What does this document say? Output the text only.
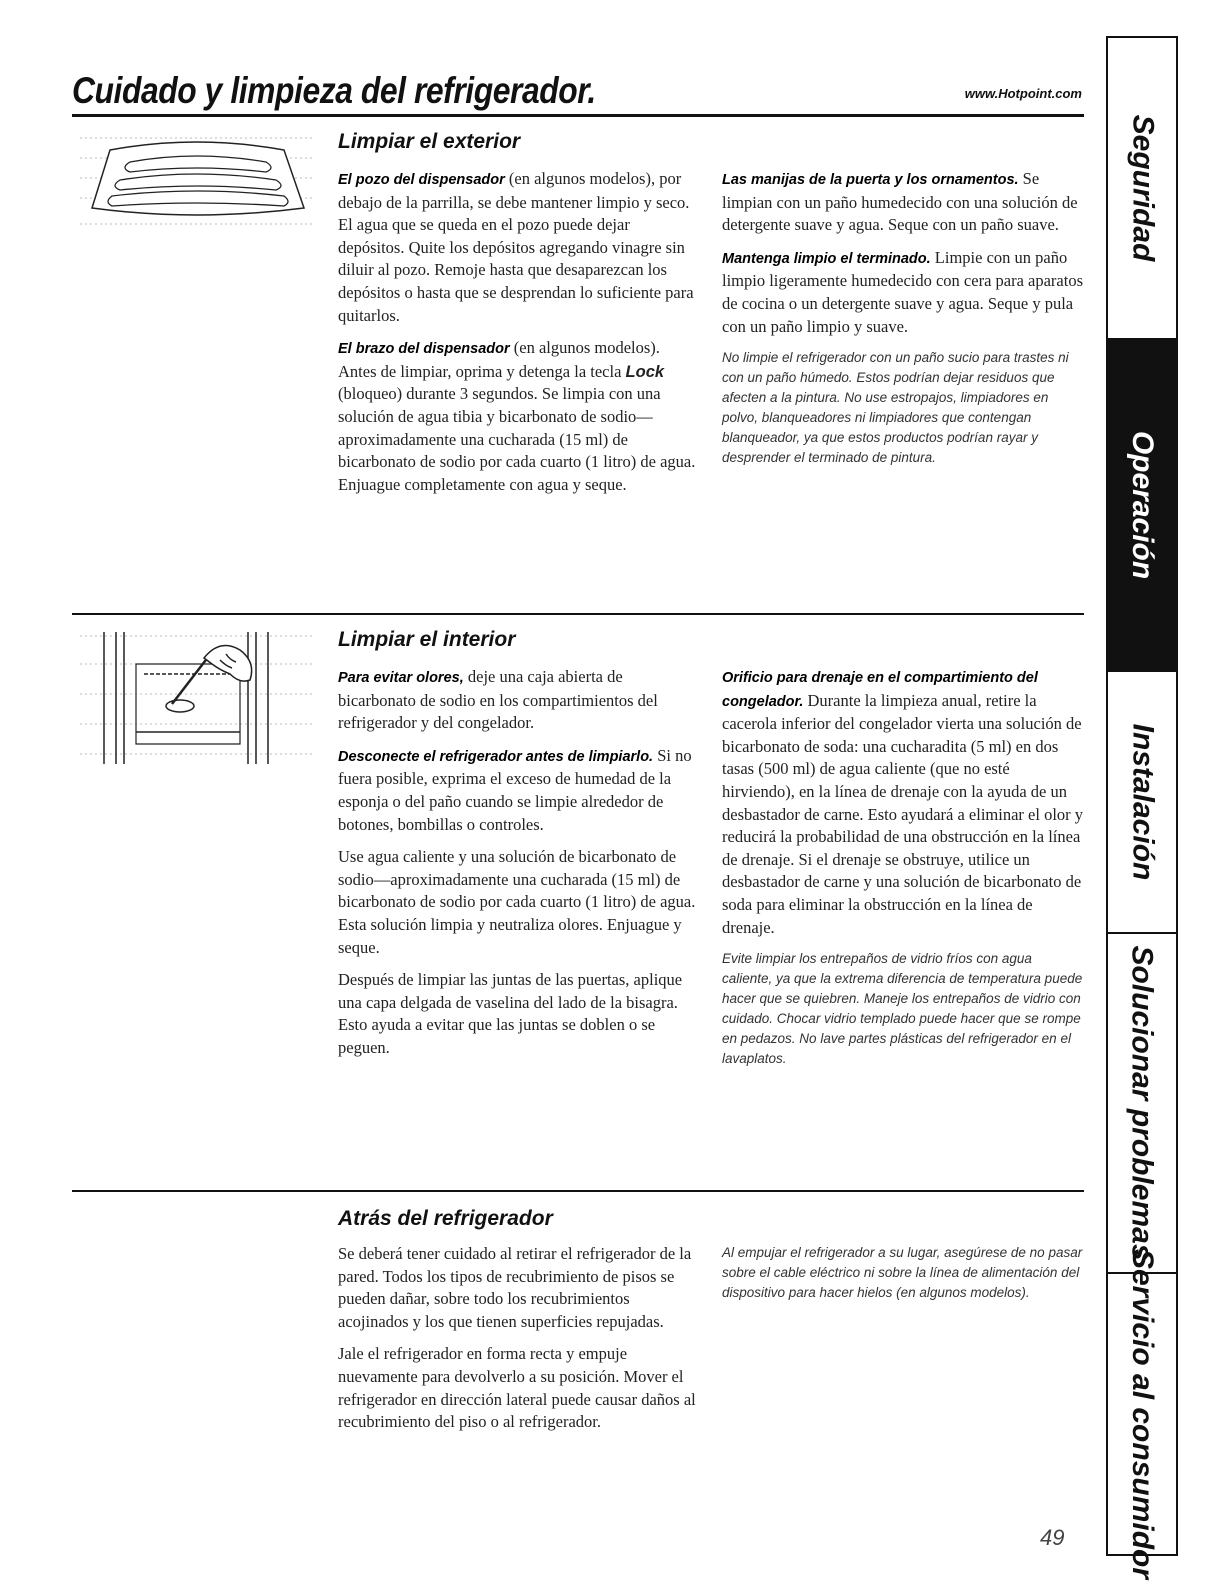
Cuidado y limpieza del refrigerador.	www.Hotpoint.com
Limpiar el exterior

El pozo del dispensador (en algunos modelos), por debajo de la parrilla, se debe mantener limpio y seco. El agua que se queda en el pozo puede dejar depósitos. Quite los depósitos agregando vinagre sin diluir al pozo. Remoje hasta que desaparezcan los depósitos o hasta que se desprendan lo suficiente para quitarlos.

El brazo del dispensador (en algunos modelos). Antes de limpiar, oprima y detenga la tecla Lock (bloqueo) durante 3 segundos. Se limpia con una solución de agua tibia y bicarbonato de sodio—aproximadamente una cucharada (15 ml) de bicarbonato de sodio por cada cuarto (1 litro) de agua. Enjuague completamente con agua y seque.

Las manijas de la puerta y los ornamentos. Se limpian con un paño humedecido con una solución de detergente suave y agua. Seque con un paño suave.

Mantenga limpio el terminado. Limpie con un paño limpio ligeramente humedecido con cera para aparatos de cocina o un detergente suave y agua. Seque y pula con un paño limpio y suave.

No limpie el refrigerador con un paño sucio para trastes ni con un paño húmedo. Estos podrían dejar residuos que afecten a la pintura. No use estropajos, limpiadores en polvo, blanqueadores ni limpiadores que contengan blanqueador, ya que estos productos podrían rayar y desprender el terminado de pintura.

Limpiar el interior

Para evitar olores, deje una caja abierta de bicarbonato de sodio en los compartimientos del refrigerador y del congelador.

Desconecte el refrigerador antes de limpiarlo. Si no fuera posible, exprima el exceso de humedad de la esponja o del paño cuando se limpie alrededor de botones, bombillas o controles.

Use agua caliente y una solución de bicarbonato de sodio—aproximadamente una cucharada (15 ml) de bicarbonato de sodio por cada cuarto (1 litro) de agua. Esta solución limpia y neutraliza olores. Enjuague y seque.

Después de limpiar las juntas de las puertas, aplique una capa delgada de vaselina del lado de la bisagra. Esto ayuda a evitar que las juntas se doblen o se peguen.

Orificio para drenaje en el compartimiento del congelador. Durante la limpieza anual, retire la cacerola inferior del congelador vierta una solución de bicarbonato de soda: una cucharadita (5 ml) en dos tasas (500 ml) de agua caliente (que no esté hirviendo), en la línea de drenaje con la ayuda de un desbastador de carne. Esto ayudará a eliminar el olor y reducirá la probabilidad de una obstrucción en la línea de drenaje. Si el drenaje se obstruye, utilice un desbastador de carne y una solución de bicarbonato de soda para eliminar la obstrucción en la línea de drenaje.

Evite limpiar los entrepaños de vidrio fríos con agua caliente, ya que la extrema diferencia de temperatura puede hacer que se quiebren. Maneje los entrepaños de vidrio con cuidado. Chocar vidrio templado puede hacer que se rompe en pedazos. No lave partes plásticas del refrigerador en el lavaplatos.

Atrás del refrigerador

Se deberá tener cuidado al retirar el refrigerador de la pared. Todos los tipos de recubrimiento de pisos se pueden dañar, sobre todo los recubrimientos acojinados y los que tienen superficies repujadas.

Jale el refrigerador en forma recta y empuje nuevamente para devolverlo a su posición. Mover el refrigerador en dirección lateral puede causar daños al recubrimiento del piso o al refrigerador.

Al empujar el refrigerador a su lugar, asegúrese de no pasar sobre el cable eléctrico ni sobre la línea de alimentación del dispositivo para hacer hielos (en algunos modelos).

Seguridad
Operación
Instalación
Solucionar problemas
Servicio al consumidor
49
